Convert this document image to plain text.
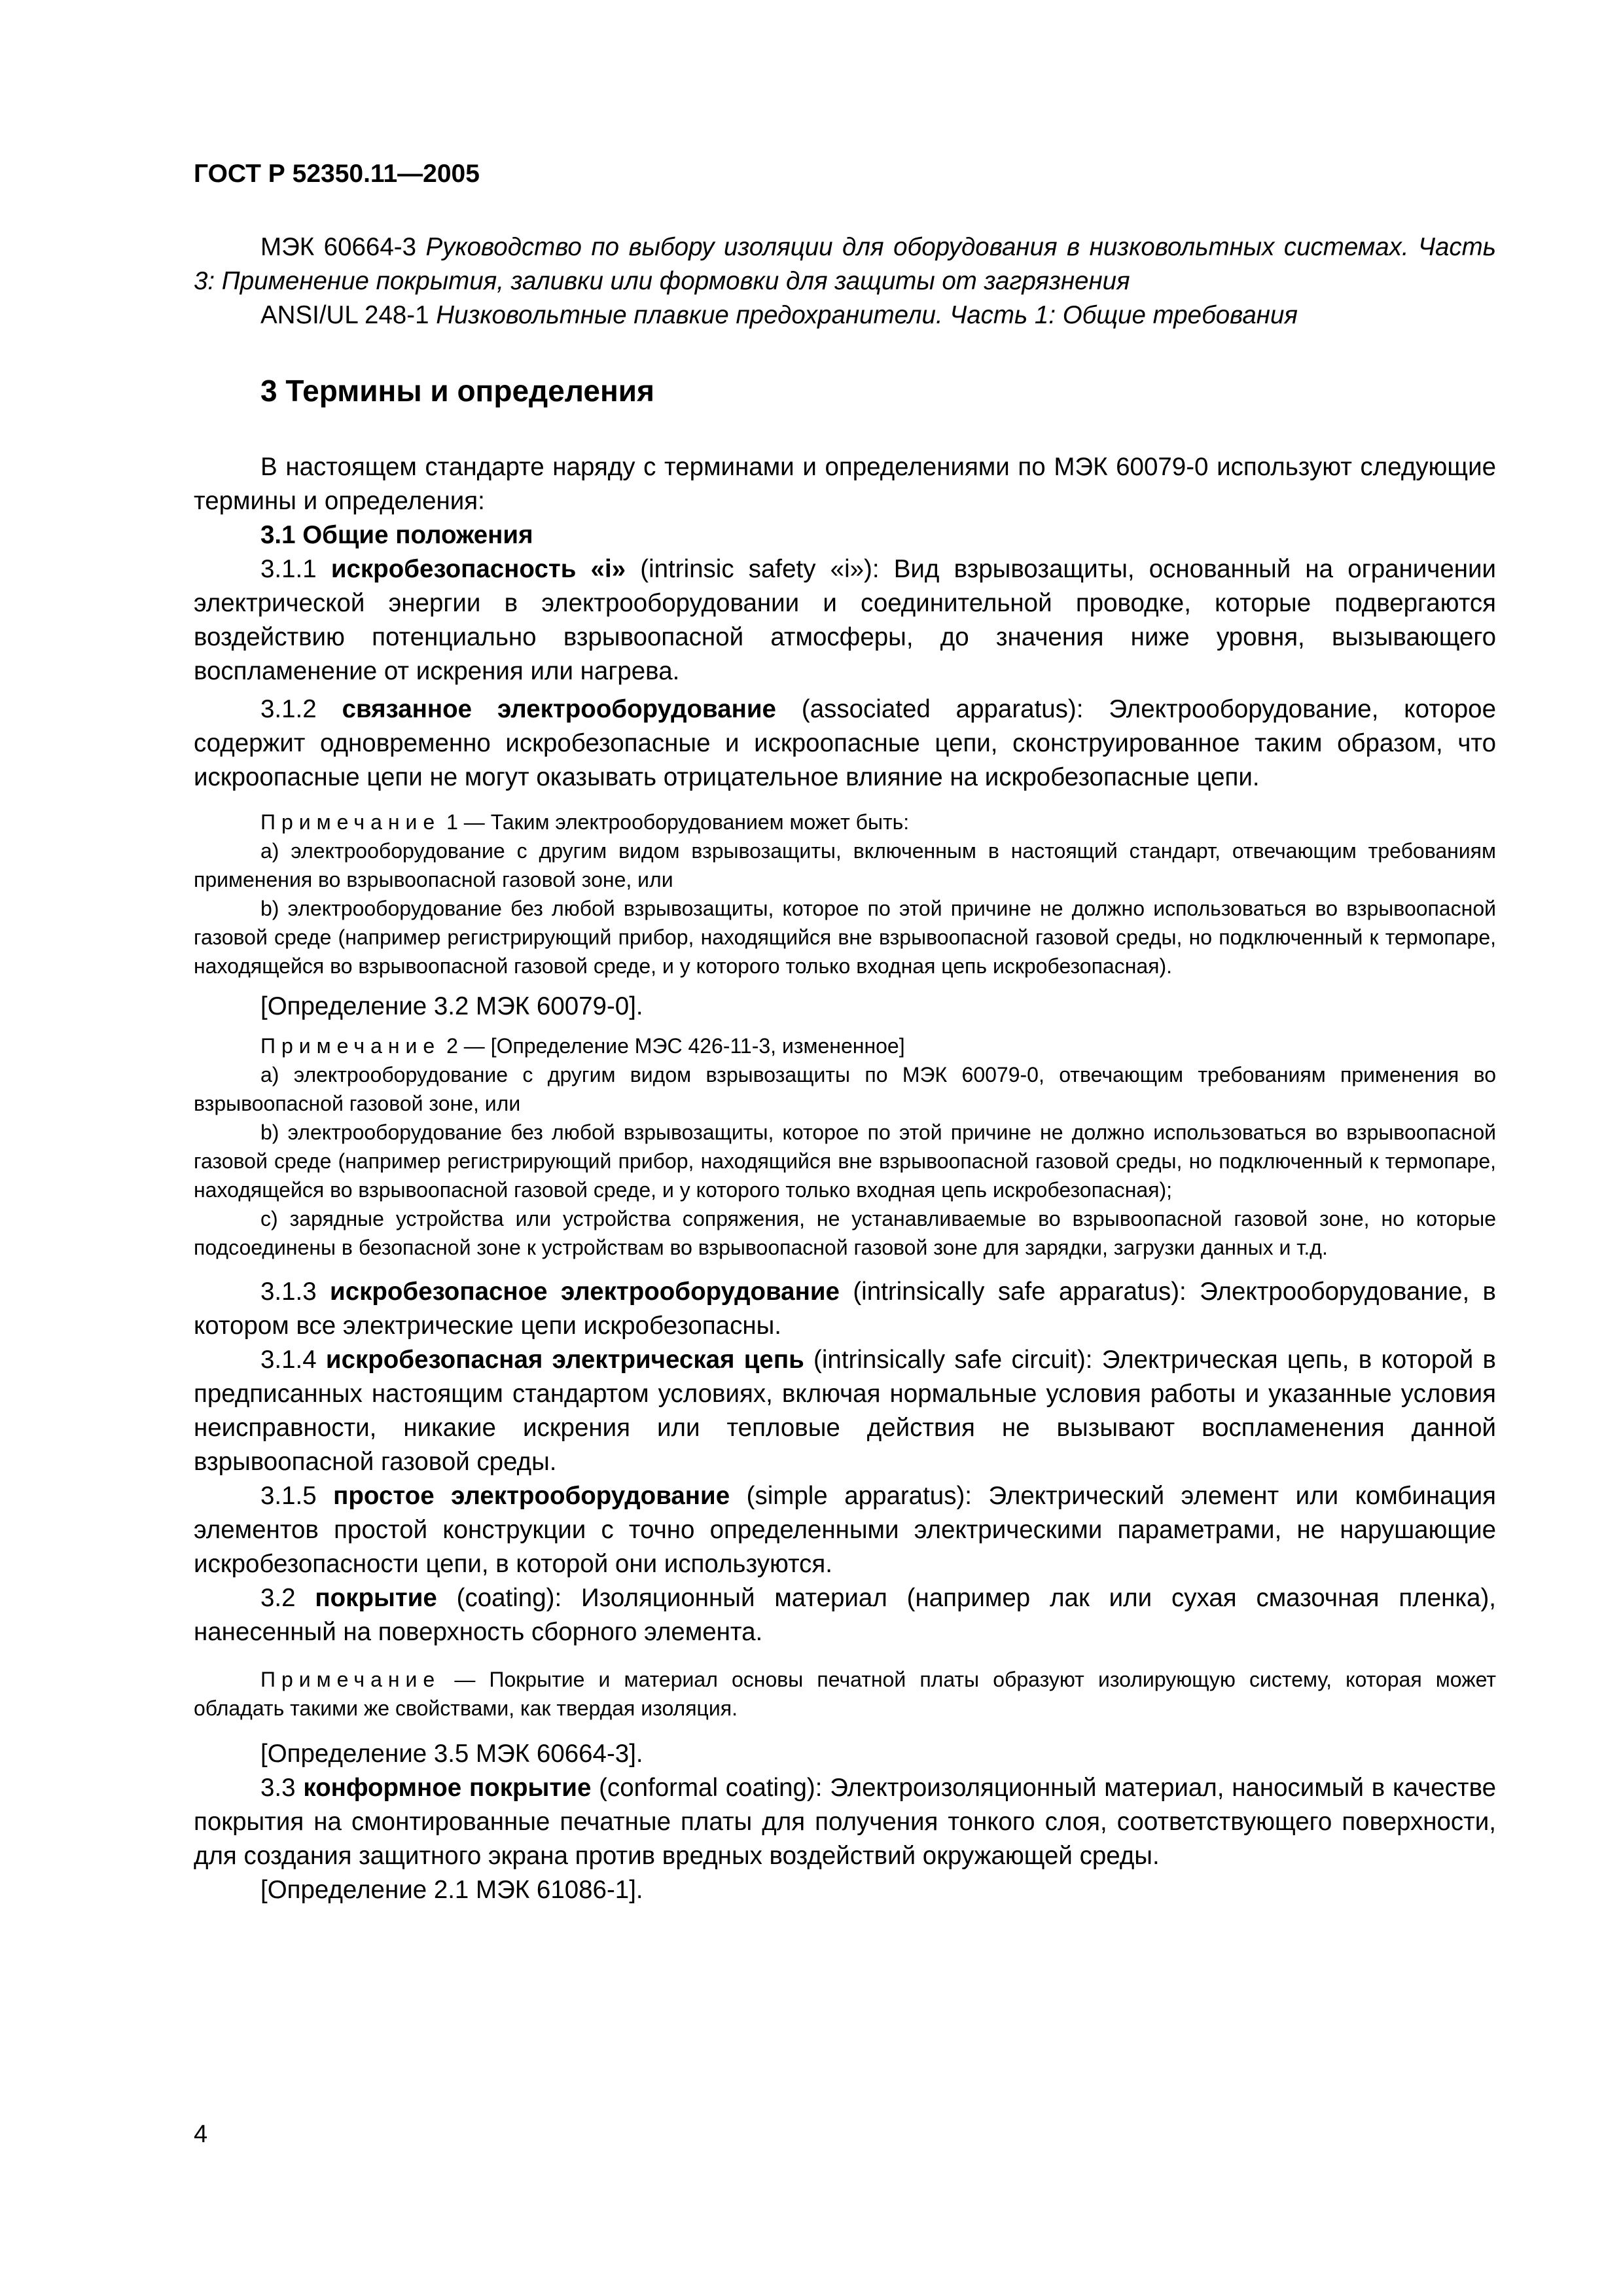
ГОСТ Р 52350.11—2005

МЭК 60664-3 Руководство по выбору изоляции для оборудования в низковольтных системах. Часть 3: Применение покрытия, заливки или формовки для защиты от загрязнения

ANSI/UL 248-1 Низковольтные плавкие предохранители. Часть 1: Общие требования

3 Термины и определения

В настоящем стандарте наряду с терминами и определениями по МЭК 60079-0 используют следующие термины и определения:

3.1 Общие положения

3.1.1 искробезопасность «i» (intrinsic safety «i»): Вид взрывозащиты, основанный на ограничении электрической энергии в электрооборудовании и соединительной проводке, которые подвергаются воздействию потенциально взрывоопасной атмосферы, до значения ниже уровня, вызывающего воспламенение от искрения или нагрева.

3.1.2 связанное электрооборудование (associated apparatus): Электрооборудование, которое содержит одновременно искробезопасные и искроопасные цепи, сконструированное таким образом, что искроопасные цепи не могут оказывать отрицательное влияние на искробезопасные цепи.

Примечание 1 — Таким электрооборудованием может быть:

a) электрооборудование с другим видом взрывозащиты, включенным в настоящий стандарт, отвечающим требованиям применения во взрывоопасной газовой зоне, или

b) электрооборудование без любой взрывозащиты, которое по этой причине не должно использоваться во взрывоопасной газовой среде (например регистрирующий прибор, находящийся вне взрывоопасной газовой среды, но подключенный к термопаре, находящейся во взрывоопасной газовой среде, и у которого только входная цепь искробезопасная).

[Определение 3.2 МЭК 60079-0].

Примечание 2 — [Определение МЭС 426-11-3, измененное]

a) электрооборудование с другим видом взрывозащиты по МЭК 60079-0, отвечающим требованиям применения во взрывоопасной газовой зоне, или

b) электрооборудование без любой взрывозащиты, которое по этой причине не должно использоваться во взрывоопасной газовой среде (например регистрирующий прибор, находящийся вне взрывоопасной газовой среды, но подключенный к термопаре, находящейся во взрывоопасной газовой среде, и у которого только входная цепь искробезопасная);

c) зарядные устройства или устройства сопряжения, не устанавливаемые во взрывоопасной газовой зоне, но которые подсоединены в безопасной зоне к устройствам во взрывоопасной газовой зоне для зарядки, загрузки данных и т.д.

3.1.3 искробезопасное электрооборудование (intrinsically safe apparatus): Электрооборудование, в котором все электрические цепи искробезопасны.

3.1.4 искробезопасная электрическая цепь (intrinsically safe circuit): Электрическая цепь, в которой в предписанных настоящим стандартом условиях, включая нормальные условия работы и указанные условия неисправности, никакие искрения или тепловые действия не вызывают воспламенения данной взрывоопасной газовой среды.

3.1.5 простое электрооборудование (simple apparatus): Электрический элемент или комбинация элементов простой конструкции с точно определенными электрическими параметрами, не нарушающие искробезопасности цепи, в которой они используются.

3.2 покрытие (coating): Изоляционный материал (например лак или сухая смазочная пленка), нанесенный на поверхность сборного элемента.

Примечание — Покрытие и материал основы печатной платы образуют изолирующую систему, которая может обладать такими же свойствами, как твердая изоляция.

[Определение 3.5 МЭК 60664-3].

3.3 конформное покрытие (conformal coating): Электроизоляционный материал, наносимый в качестве покрытия на смонтированные печатные платы для получения тонкого слоя, соответствующего поверхности, для создания защитного экрана против вредных воздействий окружающей среды.

[Определение 2.1 МЭК 61086-1].

4
